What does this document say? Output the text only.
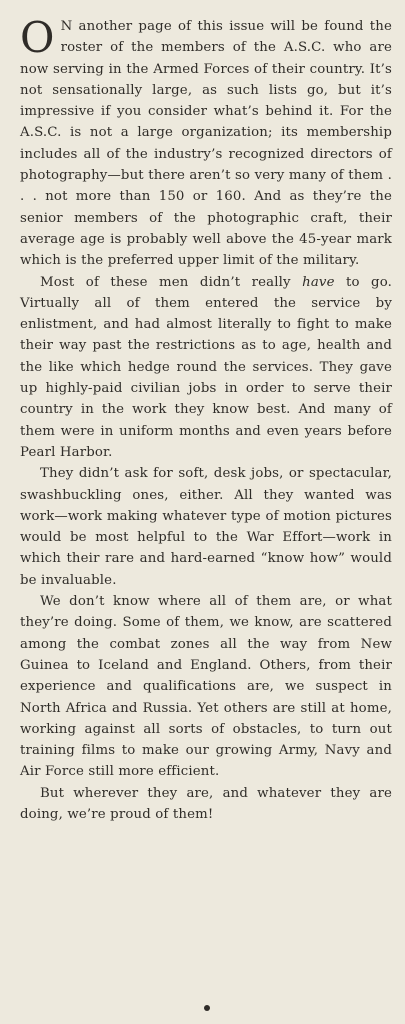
O N another page of this issue will be found the roster of the members of the A.S.C. who are now serving in the Armed Forces of their country. It’s not sensationally large, as such lists go, but it’s impressive if you consider what’s behind it. For the A.S.C. is not a large organization; its membership includes all of the industry’s recognized directors of photography—but there aren’t so very many of them . . . not more than 150 or 160. And as they’re the senior members of the photographic craft, their average age is probably well above the 45-year mark which is the preferred upper limit of the military.

Most of these men didn’t really have to go. Virtually all of them entered the service by enlistment, and had almost literally to fight to make their way past the restrictions as to age, health and the like which hedge round the services. They gave up highly-paid civilian jobs in order to serve their country in the work they know best. And many of them were in uniform months and even years before Pearl Harbor.

They didn’t ask for soft, desk jobs, or spectacular, swashbuckling ones, either. All they wanted was work—work making whatever type of motion pictures would be most helpful to the War Effort—work in which their rare and hard-earned “know how” would be invaluable.

We don’t know where all of them are, or what they’re doing. Some of them, we know, are scattered among the combat zones all the way from New Guinea to Iceland and England. Others, from their experience and qualifications are, we suspect in North Africa and Russia. Yet others are still at home, working against all sorts of obstacles, to turn out training films to make our growing Army, Navy and Air Force still more efficient.

But wherever they are, and whatever they are doing, we’re proud of them!
